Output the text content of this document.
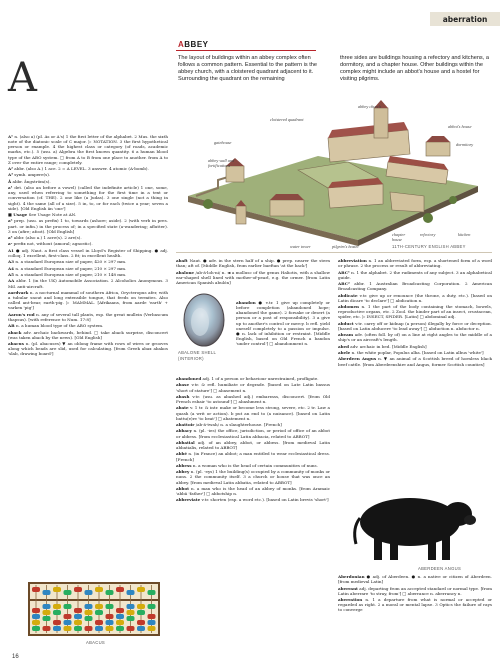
aberration
A
ABBEY
The layout of buildings within an abbey complex often follows a common pattern. Essential to the pattern is the abbey church, with a cloistered quadrant adjacent to it. Surrounding the quadrant on the remaining
three sides are buildings housing a refectory and kitchens, a dormitory, and a chapter house. Other buildings within the complex might include an abbot's house and a hostel for visiting pilgrims.
abbey church
cloistered quadrant
abbot's house
gatehouse	dormitory
abbey wall and fortifications
chapter house
refectory	kitchen
water tower	pilgrim's hostel	11TH-CENTURY ENGLISH ABBEY

A¹ n. (also a) (pl. As or A's) 1 the first letter of the alphabet. 2 Mus. the sixth note of the diatonic scale of C major. ▷ NOTATION. 3 the first hypothetical person or example. 4 the highest class or category (of roads, academic marks, etc.). 5 (usu. a) Algebra the first known quantity. 6 a human blood type of the ABO system. □ from A to B from one place to another. from A to Z over the entire range; completely.

A² abbr. (also A.) 1 ace. 2 = A LEVEL. 3 answer. 4 atomic (A-bomb).

A³ symb. ampere(s).

Å abbr. ångström(s).

a¹ det. (also an before a vowel) (called the indefinite article) 1 one, some, any, used when referring to something for the first time in a text or conversation (cf. THE). 2 one like (a Judas). 3 one single (not a thing in sight). 4 the same (all of a size). 5 in, to, or for each (twice a year; seven a side). [Old English ān 'one']

■ Usage See Usage Note at AN.

a² prep. (usu. as prefix) 1 to, towards (ashore; aside). 2 (with verb in pres. part. or infin.) in the process of; in a specified state (a-wandering; aflutter). 3 on (afire; afoot). [Old English]

a³ abbr. (also a.) 1 acre(s). 2 are(s).

a- prefix not, without (amoral; agnostic).

A1 ● adj. Naut. a first class vessel in Lloyd's Register of Shipping. ● adj. colloq. 1 excellent, first-class. 2 fit; in excellent health.

A3 n. a standard European size of paper, 420 × 297 mm.

A4 n. a standard European size of paper, 210 × 297 mm.

A5 n. a standard European size of paper, 210 × 148 mm.

AA abbr. 1 (in the UK) Automobile Association. 2 Alcoholics Anonymous. 3 Mil. anti-aircraft.

aardvark n. a nocturnal mammal of southern Africa, Orycteropus afer, with a tubular snout and long extensible tongue, that feeds on termites. Also called ant-bear, earth-pig. ▷ MAMMAL. [Afrikaans, from aarde 'earth' + varken 'pig']

Aaron's rod n. any of several tall plants, esp. the great mullein (Verbascum thapsus). [with reference to Num. 17:8]

AB n. a human blood type of the ABO system.

aback adv. archaic backwards, behind. □ take aback surprise, disconcert (was taken aback by the news). [Old English]

abacus n. (pl. abacuses) ▼ an oblong frame with rows of wires or grooves along which beads are slid, used for calculating. [from Greek abax abakos 'slab, drawing board']

ABACUS

abaft Naut. ● adv. in the stern half of a ship. ● prep. nearer the stern than; aft of. [Middle English, from earlier baeftan 'at the back']

abalone /ab-ă-loh-ni/ n. ◄ a mollusc of the genus Haliotis, with a shallow ear-shaped shell lined with mother-of-pearl, e.g. the ormer. [from Latin American Spanish abulón]

ABALONE SHELL (INTERIOR)

abandon ● v.tr. 1 give up completely or before completion (abandoned hope; abandoned the game). 2 forsake or desert (a person or a post of responsibility). 3 a give up to another's control or mercy. b refl. yield oneself completely to a passion or impulse. ● n. lack of inhibition or restraint. [Middle English, based on Old French a bandon 'under control'] □ abandonment n.

abandoned adj. 1 of a person or behaviour unrestrained, profligate.

abase v.tr. & refl. humiliate or degrade. [based on Late Latin bassus 'short of stature'] □ abasement n.

abash v.tr. (usu. as abashed adj.) embarrass, disconcert. [from Old French esbair 'to astound'] □ abashment n.

abate v. 1 tr. & intr. make or become less strong, severe, etc. 2 tr. Law a quash (a writ or action). b put an end to (a nuisance). [based on Latin battu(e)re 'to beat'] □ abatement n.

abattoir /ab-ă-twah/ n. a slaughterhouse. [French]

abbacy n. (pl. -ies) the office, jurisdiction, or period of office of an abbot or abbess. [from ecclesiastical Latin abbacia, related to ABBOT]

abbatial adj. of an abbey, abbot, or abbess. [from medieval Latin abbatialis, related to ABBOT]

abbé n. (in France) an abbot; a man entitled to wear ecclesiastical dress. [French]

abbess n. a woman who is the head of certain communities of nuns.

abbey n. (pl. -eys) 1 the building(s) occupied by a community of monks or nuns. 2 the community itself. 3 a church or house that was once an abbey. [from medieval Latin abbatia, related to ABBOT]

abbot n. a man who is the head of an abbey of monks. [from Aramaic 'abbā 'father'] □ abbotship n.

abbreviate v.tr. shorten (esp. a word etc.). [based on Latin brevis 'short']

abbreviation n. 1 an abbreviated form, esp. a shortened form of a word or phrase. 2 the process or result of abbreviating.

ABC¹ n. 1 the alphabet. 2 the rudiments of any subject. 3 an alphabetical guide.

ABC² abbr. 1 Australian Broadcasting Corporation. 2 American Broadcasting Company.

abdicate v.tr. give up or renounce (the throne, a duty, etc.). [based on Latin dicare 'to declare'] □ abdication n.

abdomen n. 1 the part of the body containing the stomach, bowels, reproductive organs, etc. 2 Zool. the hinder part of an insect, crustacean, spider, etc. ▷ INSECT, SPIDER. [Latin] □ abdominal adj.

abduct v.tr. carry off or kidnap (a person) illegally by force or deception. [based on Latin abducere 'to lead away'] □ abduction n. abductor n.

abeam adv. (often foll. by of) on a line at right angles to the middle of a ship's or an aircraft's length.

abed adv. archaic in bed. [Middle English]

abele n. the white poplar, Populus alba. [based on Latin albus 'white']

Aberdeen Angus n. ▼ an animal of a Scottish breed of hornless black beef cattle. [from Aberdeenshire and Angus, former Scottish counties]

ABERDEEN ANGUS

Aberdonian ● adj. of Aberdeen. ● n. a native or citizen of Aberdeen. [from medieval Latin]

aberrant adj. departing from an accepted standard or normal type. [from Latin aberrare 'to stray, from'] □ aberrance n. aberrancy n.

aberration n. 1 a departure from what is normal or accepted or regarded as right. 2 a moral or mental lapse. 3 Optics the failure of rays to converge

16
